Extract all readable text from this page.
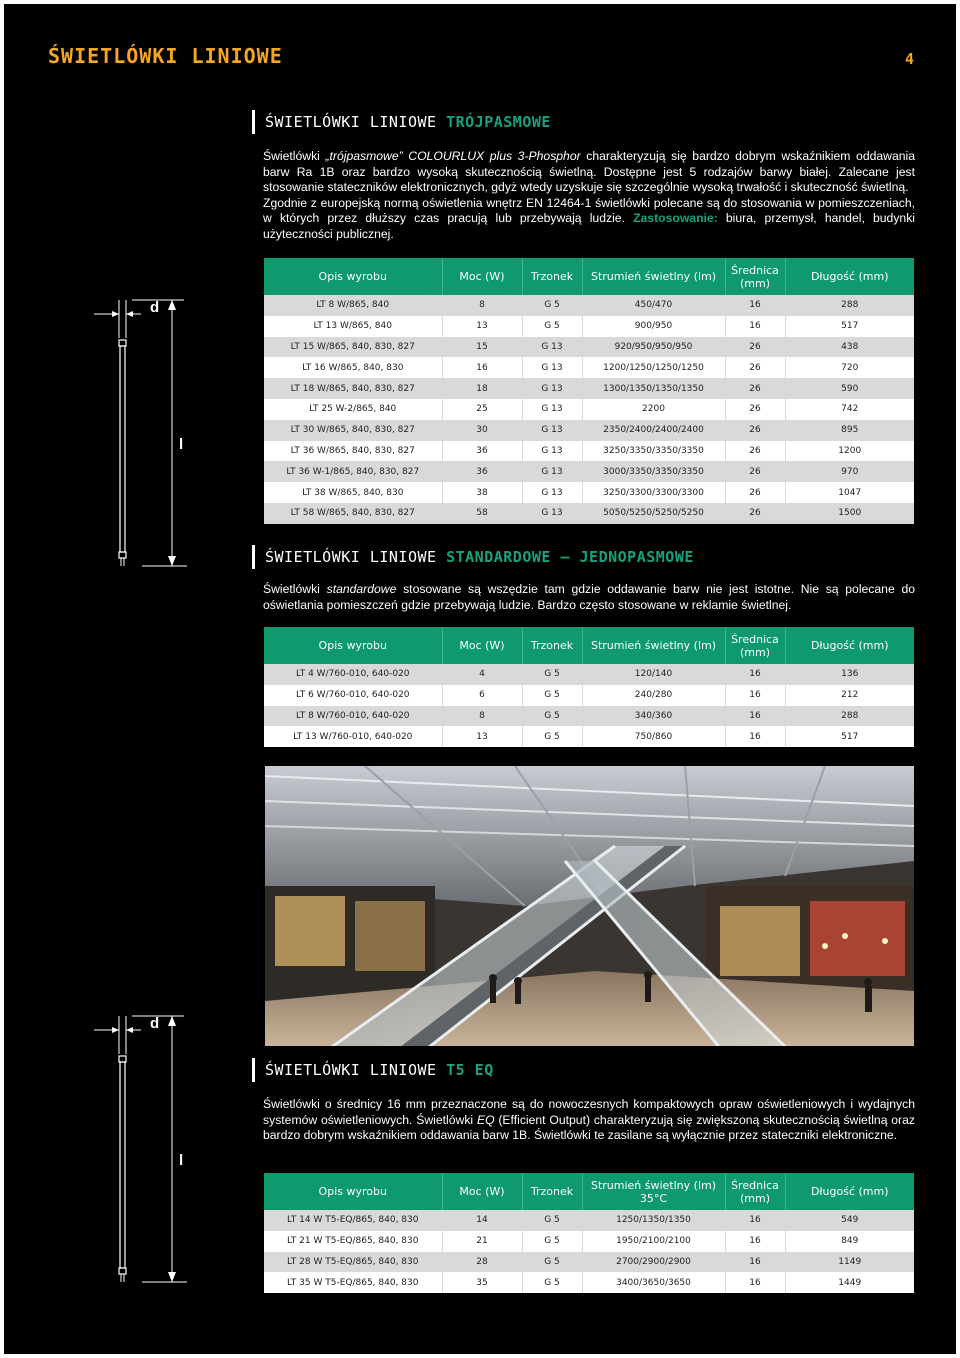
ŚWIETLÓWKI LINIOWE	4
d
l
ŚWIETLÓWKI LINIOWE TRÓJPASMOWE
Świetlówki „trójpasmowe” COLOURLUX plus 3-Phosphor charakteryzują się bardzo dobrym wskaźnikiem oddawania barw Ra 1B oraz bardzo wysoką skutecznością świetlną. Dostępne jest 5 rodzajów barwy białej. Zalecane jest stosowanie stateczników elektronicznych, gdyż wtedy uzyskuje się szczególnie wysoką trwałość i skuteczność świetlną.
Zgodnie z europejską normą oświetlenia wnętrz EN 12464-1 świetlówki polecane są do stosowania w pomieszczeniach, w których przez dłuższy czas pracują lub przebywają ludzie. Zastosowanie: biura, przemysł, handel, budynki użyteczności publicznej.
Opis wyrobu	Moc (W)	Trzonek	Strumień świetlny (lm)	Średnica
(mm)	Długość (mm)
LT 8 W/865, 840	8	G 5	450/470	16	288
LT 13 W/865, 840	13	G 5	900/950	16	517
LT 15 W/865, 840, 830, 827	15	G 13	920/950/950/950	26	438
LT 16 W/865, 840, 830	16	G 13	1200/1250/1250/1250	26	720
LT 18 W/865, 840, 830, 827	18	G 13	1300/1350/1350/1350	26	590
LT 25 W-2/865, 840	25	G 13	2200	26	742
LT 30 W/865, 840, 830, 827	30	G 13	2350/2400/2400/2400	26	895
LT 36 W/865, 840, 830, 827	36	G 13	3250/3350/3350/3350	26	1200
LT 36 W-1/865, 840, 830, 827	36	G 13	3000/3350/3350/3350	26	970
LT 38 W/865, 840, 830	38	G 13	3250/3300/3300/3300	26	1047
LT 58 W/865, 840, 830, 827	58	G 13	5050/5250/5250/5250	26	1500
ŚWIETLÓWKI LINIOWE STANDARDOWE – JEDNOPASMOWE
Świetlówki standardowe stosowane są wszędzie tam gdzie oddawanie barw nie jest istotne. Nie są polecane do oświetlania pomieszczeń gdzie przebywają ludzie. Bardzo często stosowane w reklamie świetlnej.
Opis wyrobu	Moc (W)	Trzonek	Strumień świetlny (lm)	Średnica
(mm)	Długość (mm)
LT 4 W/760-010, 640-020	4	G 5	120/140	16	136
LT 6 W/760-010, 640-020	6	G 5	240/280	16	212
LT 8 W/760-010, 640-020	8	G 5	340/360	16	288
LT 13 W/760-010, 640-020	13	G 5	750/860	16	517
d
l
ŚWIETLÓWKI LINIOWE T5 EQ
Świetlówki o średnicy 16 mm przeznaczone są do nowoczesnych kompaktowych opraw oświetleniowych i wydajnych systemów oświetleniowych. Świetlówki EQ (Efficient Output) charakteryzują się zwiększoną skutecznością świetlną oraz bardzo dobrym wskaźnikiem oddawania barw 1B. Świetlówki te zasilane są wyłącznie przez stateczniki elektroniczne.
Opis wyrobu	Moc (W)	Trzonek	Strumień świetlny (lm)
35°C	Średnica
(mm)	Długość (mm)
LT 14 W T5-EQ/865, 840, 830	14	G 5	1250/1350/1350	16	549
LT 21 W T5-EQ/865, 840, 830	21	G 5	1950/2100/2100	16	849
LT 28 W T5-EQ/865, 840, 830	28	G 5	2700/2900/2900	16	1149
LT 35 W T5-EQ/865, 840, 830	35	G 5	3400/3650/3650	16	1449
